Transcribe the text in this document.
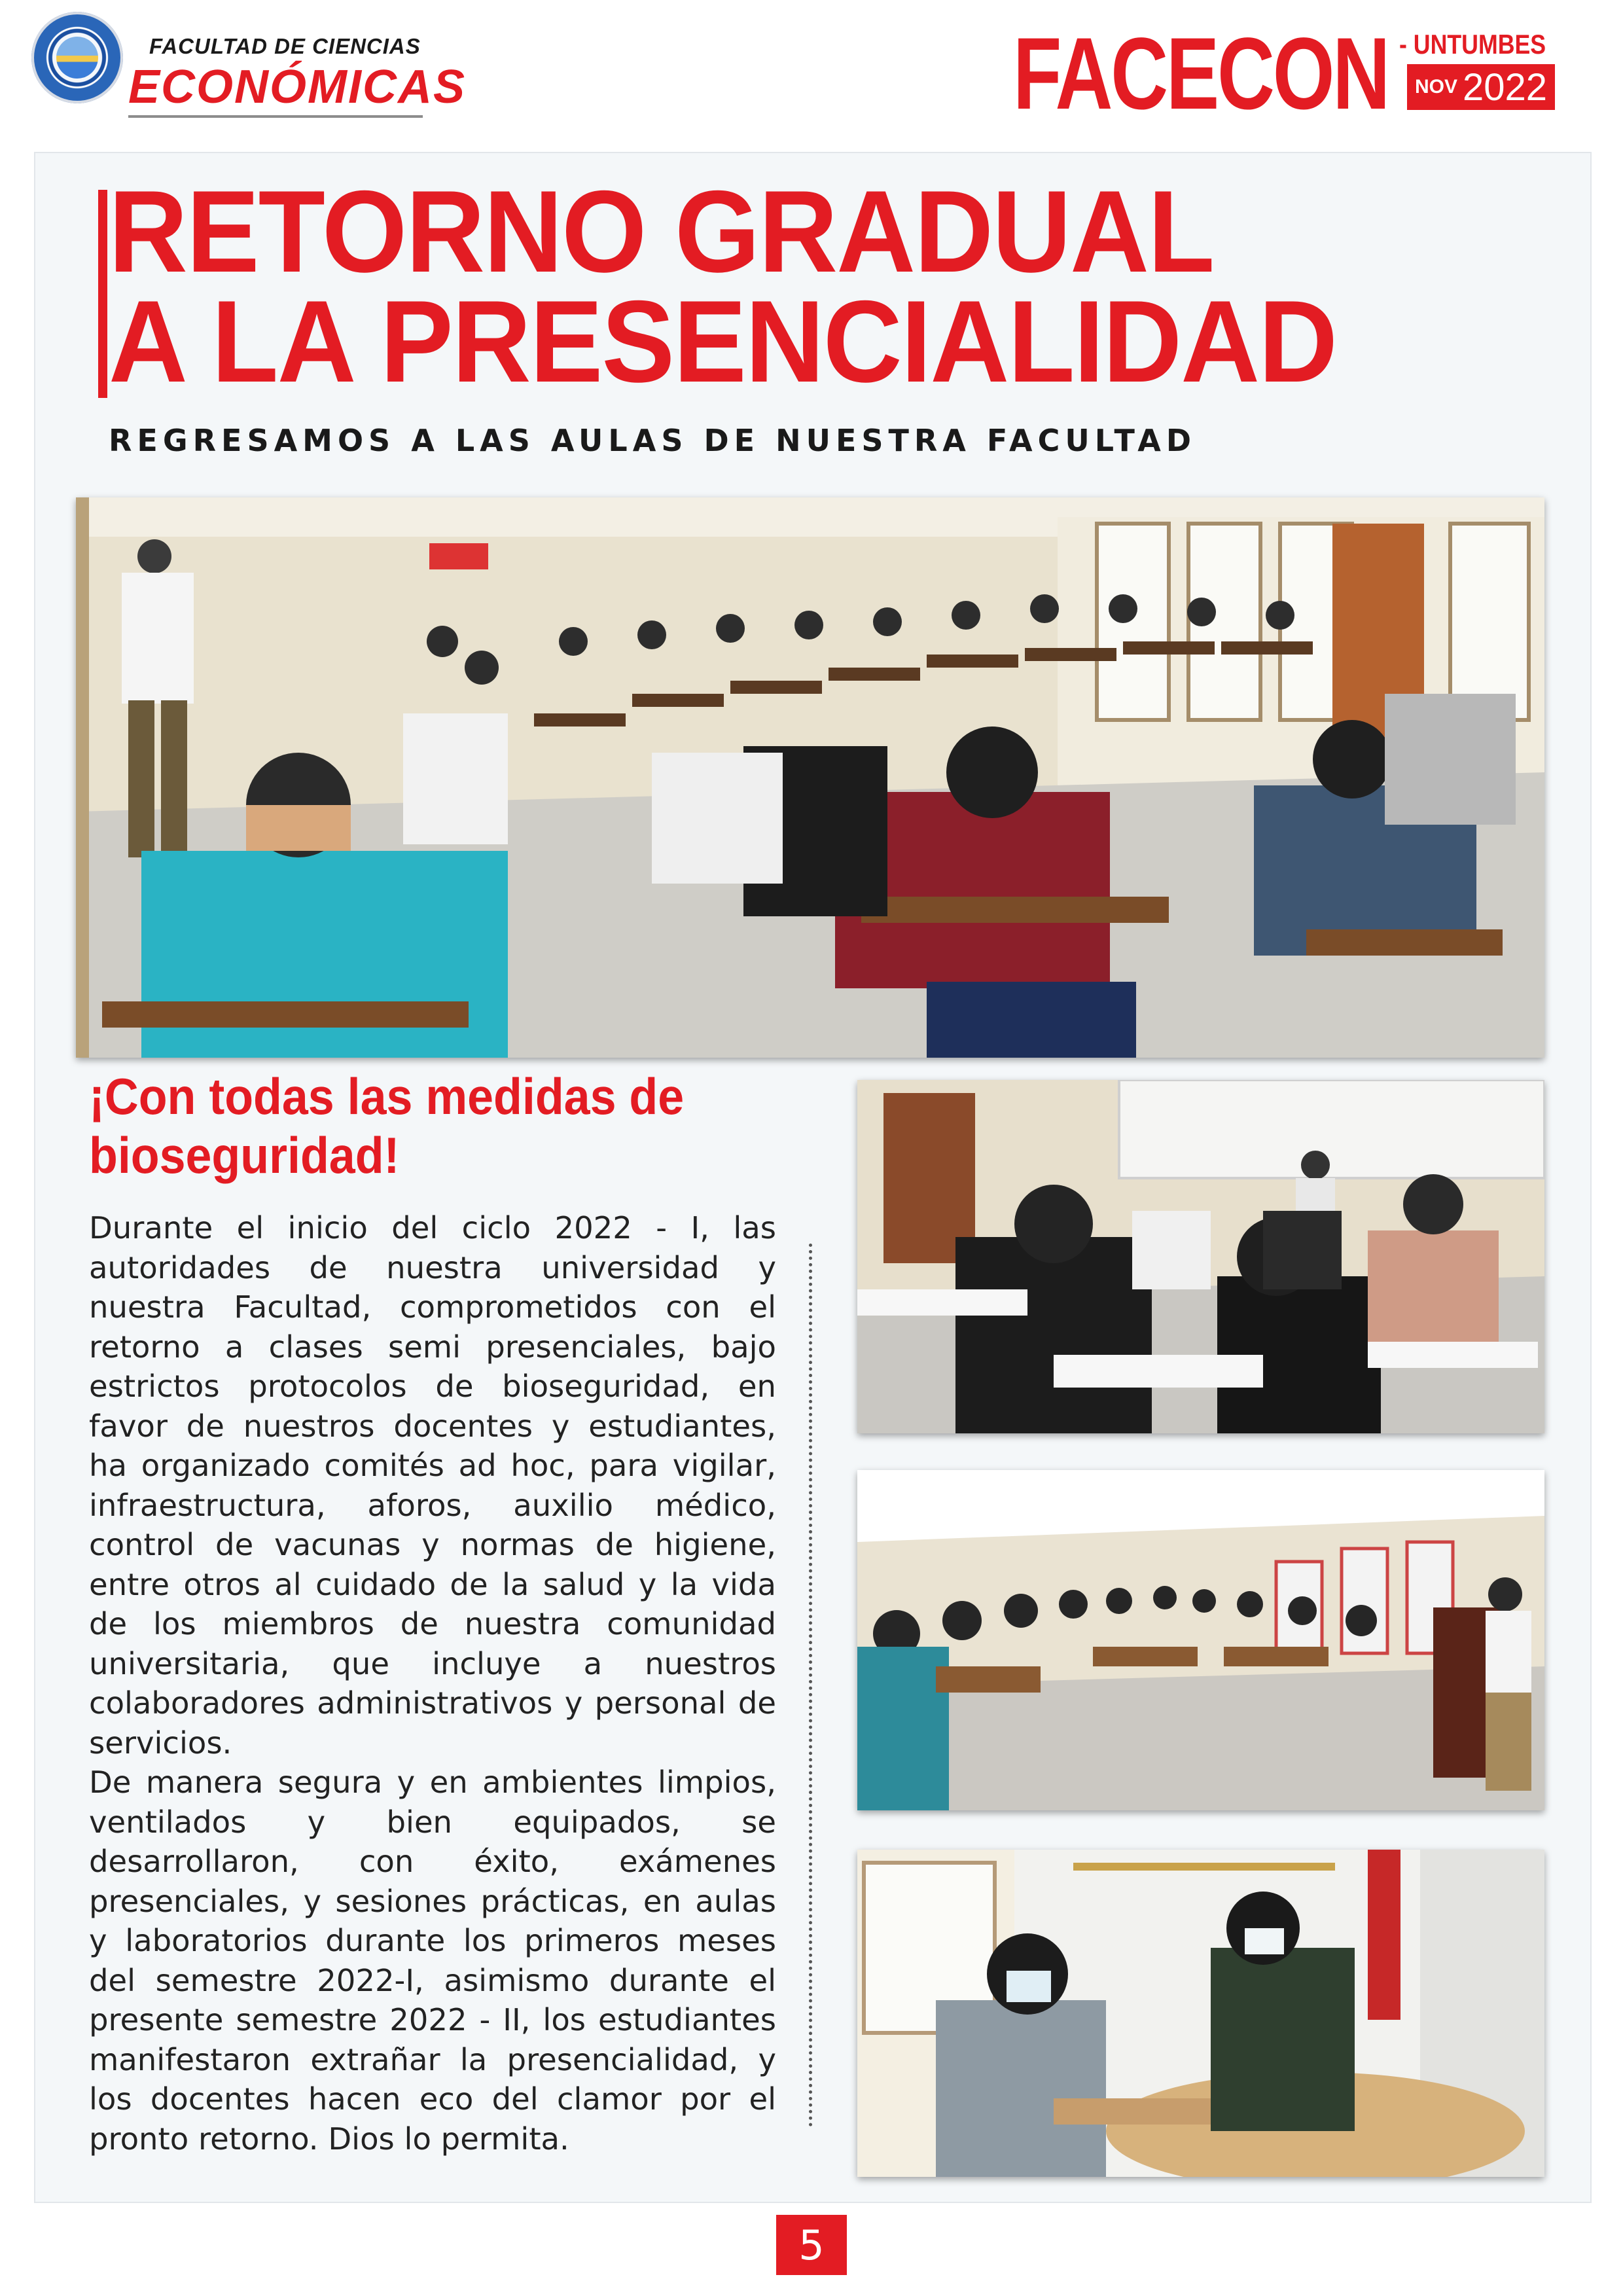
FACULTAD DE CIENCIAS
ECONÓMICAS	FACECON - UNTUMBES
NOV 2022
RETORNO GRADUAL
A LA PRESENCIALIDAD
REGRESAMOS A LAS AULAS DE NUESTRA FACULTAD
¡Con todas las medidas de bioseguridad!

Durante el inicio del ciclo 2022 - I, las autoridades de nuestra universidad y nuestra Facultad, comprometidos con el retorno a clases semi presenciales, bajo estrictos protocolos de bioseguridad, en favor de nuestros docentes y estudiantes, ha organizado comités ad hoc, para vigilar, infraestructura, aforos, auxilio médico, control de vacunas y normas de higiene, entre otros al cuidado de la salud y la vida de los miembros de nuestra comunidad universitaria, que incluye a nuestros colaboradores administrativos y personal de servicios.

De manera segura y en ambientes limpios, ventilados y bien equipados, se desarrollaron, con éxito, exámenes presenciales, y sesiones prácticas, en aulas y laboratorios durante los primeros meses del semestre 2022-I, asimismo durante el presente semestre 2022 - II, los estudiantes manifestaron extrañar la presencialidad, y los docentes hacen eco del clamor por el pronto retorno. Dios lo permita.

5
